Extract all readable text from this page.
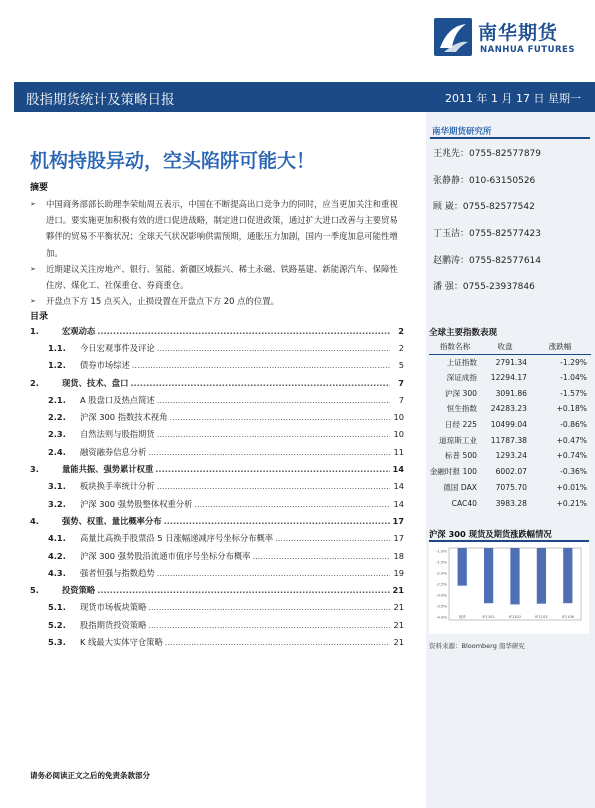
南华期货
NANHUA FUTURES
股指期货统计及策略日报	2011 年 1 月 17 日 星期一
机构持股异动，空头陷阱可能大！
摘要
➢	中国商务部部长助理李荣灿周五表示，中国在不断提高出口竞争力的同时，应当更加关注和重视进口。要实施更加积极有效的进口促进战略，制定进口促进政策，通过扩大进口改善与主要贸易夥伴的贸易不平衡状况；全球天气状况影响供需预期，通胀压力加剧，国内一季度加息可能性增加。
➢	近期建议关注房地产、银行、氢能、新疆区域振兴、稀土永磁、铁路基建、新能源汽车、保障性住房、煤化工、社保重仓、券商重仓。
➢	开盘点下方 15 点买入，止损设置在开盘点下方 20 点的位置。
目录
1.	宏观动态 .....	2
1.1.	今日宏观事件及评论 .....	2
1.2.	债券市场综述 .....	5
2.	现货、技术、盘口 .....	7
2.1.	A 股盘口及热点简述 .....	7
2.2.	沪深 300 指数技术视角 .....	10
2.3.	自然法则与股指期货 .....	10
2.4.	融资融券信息分析 .....	11
3.	量能共振、强势累计权重 .....	14
3.1.	板块换手率统计分析 .....	14
3.2.	沪深 300 强势股整体权重分析 .....	14
4.	强势、权重、量比概率分布 .....	17
4.1.	高量比高换手股票沿 5 日涨幅递减序号坐标分布概率 .....	17
4.2.	沪深 300 强势股沿流通市值序号坐标分布概率 .....	18
4.3.	强者恒强与指数趋势 .....	19
5.	投资策略 .....	21
5.1.	现货市场板块策略 .....	21
5.2.	股指期货投资策略 .....	21
5.3.	K 线最大实体守仓策略 .....	21
南华期货研究所
王兆先：0755-82577879
张静静：010-63150526
顾 崴：0755-82577542
丁玉洁：0755-82577423
赵鹏涛：0755-82577614
潘 强：0755-23937846
全球主要指数表现
指数名称	收盘	涨跌幅
上证指数	2791.34	-1.29%
深证成指	12294.17	-1.04%
沪深 300	3091.86	-1.57%
恒生指数	24283.23	+0.18%
日经 225	10499.04	-0.86%
道琼斯工业	11787.38	+0.47%
标普 500	1293.24	+0.74%
金融时报 100	6002.07	-0.36%
德国 DAX	7075.70	+0.01%
CAC40	3983.28	+0.21%
沪深 300 现货及期货涨跌幅情况
-1.0%
-1.5%
-2.0%
-2.5%
-3.0%
-3.5%
-4.0%	现货	IF1101	IF1102	IF1103	IF1106
资料来源：Bloomberg 南华研究
请务必阅读正文之后的免责条款部分
